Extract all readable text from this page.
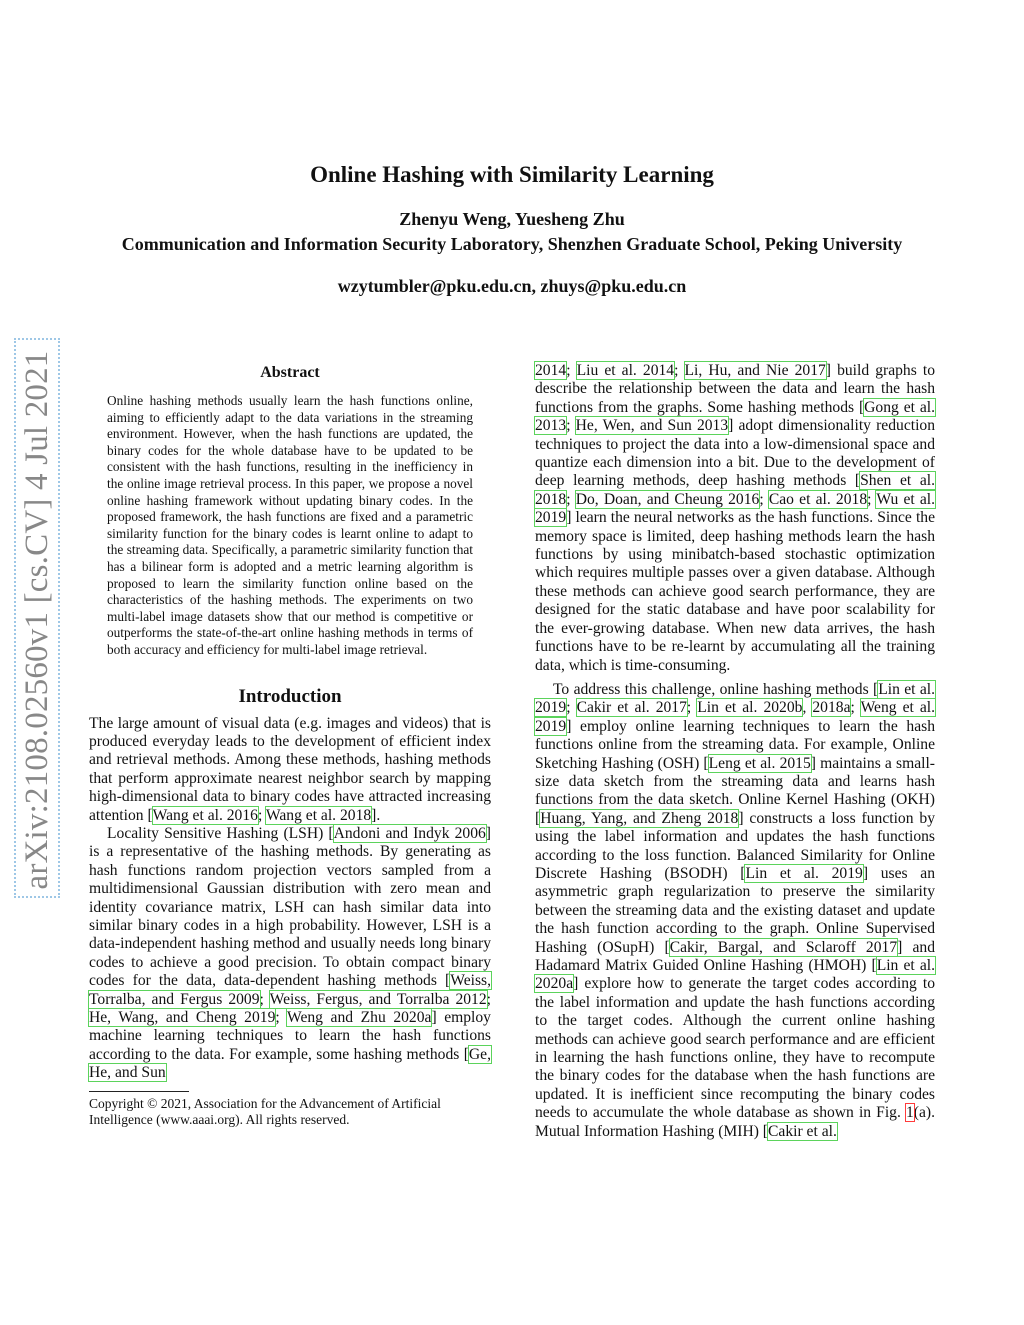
Online Hashing with Similarity Learning
Zhenyu Weng, Yuesheng Zhu
Communication and Information Security Laboratory, Shenzhen Graduate School, Peking University
wzytumbler@pku.edu.cn, zhuys@pku.edu.cn
arXiv:2108.02560v1 [cs.CV] 4 Jul 2021	Abstract
Online hashing methods usually learn the hash functions online, aiming to efficiently adapt to the data variations in the streaming environment. However, when the hash functions are updated, the binary codes for the whole database have to be updated to be consistent with the hash functions, resulting in the inefficiency in the online image retrieval process. In this paper, we propose a novel online hashing framework without updating binary codes. In the proposed framework, the hash functions are fixed and a parametric similarity function for the binary codes is learnt online to adapt to the streaming data. Specifically, a parametric similarity function that has a bilinear form is adopted and a metric learning algorithm is proposed to learn the similarity function online based on the characteristics of the hashing methods. The experiments on two multi-label image datasets show that our method is competitive or outperforms the state-of-the-art online hashing methods in terms of both accuracy and efficiency for multi-label image retrieval.
Introduction

The large amount of visual data (e.g. images and videos) that is produced everyday leads to the development of efficient index and retrieval methods. Among these methods, hashing methods that perform approximate nearest neighbor search by mapping high-dimensional data to binary codes have attracted increasing attention [Wang et al. 2016; Wang et al. 2018].

Locality Sensitive Hashing (LSH) [Andoni and Indyk 2006] is a representative of the hashing methods. By generating as hash functions random projection vectors sampled from a multidimensional Gaussian distribution with zero mean and identity covariance matrix, LSH can hash similar data into similar binary codes in a high probability. However, LSH is a data-independent hashing method and usually needs long binary codes to achieve a good precision. To obtain compact binary codes for the data, data-dependent hashing methods [Weiss, Torralba, and Fergus 2009; Weiss, Fergus, and Torralba 2012; He, Wang, and Cheng 2019; Weng and Zhu 2020a] employ machine learning techniques to learn the hash functions according to the data. For example, some hashing methods [Ge, He, and Sun

Copyright © 2021, Association for the Advancement of Artificial Intelligence (www.aaai.org). All rights reserved.

2014; Liu et al. 2014; Li, Hu, and Nie 2017] build graphs to describe the relationship between the data and learn the hash functions from the graphs. Some hashing methods [Gong et al. 2013; He, Wen, and Sun 2013] adopt dimensionality reduction techniques to project the data into a low-dimensional space and quantize each dimension into a bit. Due to the development of deep learning methods, deep hashing methods [Shen et al. 2018; Do, Doan, and Cheung 2016; Cao et al. 2018; Wu et al. 2019] learn the neural networks as the hash functions. Since the memory space is limited, deep hashing methods learn the hash functions by using minibatch-based stochastic optimization which requires multiple passes over a given database. Although these methods can achieve good search performance, they are designed for the static database and have poor scalability for the ever-growing database. When new data arrives, the hash functions have to be re-learnt by accumulating all the training data, which is time-consuming.

To address this challenge, online hashing methods [Lin et al. 2019; Cakir et al. 2017; Lin et al. 2020b, 2018a; Weng et al. 2019] employ online learning techniques to learn the hash functions online from the streaming data. For example, Online Sketching Hashing (OSH) [Leng et al. 2015] maintains a small-size data sketch from the streaming data and learns hash functions from the data sketch. Online Kernel Hashing (OKH) [Huang, Yang, and Zheng 2018] constructs a loss function by using the label information and updates the hash functions according to the loss function. Balanced Similarity for Online Discrete Hashing (BSODH) [Lin et al. 2019] uses an asymmetric graph regularization to preserve the similarity between the streaming data and the existing dataset and update the hash function according to the graph. Online Supervised Hashing (OSupH) [Cakir, Bargal, and Sclaroff 2017] and Hadamard Matrix Guided Online Hashing (HMOH) [Lin et al. 2020a] explore how to generate the target codes according to the label information and update the hash functions according to the target codes. Although the current online hashing methods can achieve good search performance and are efficient in learning the hash functions online, they have to recompute the binary codes for the database when the hash functions are updated. It is inefficient since recomputing the binary codes needs to accumulate the whole database as shown in Fig. 1(a). Mutual Information Hashing (MIH) [Cakir et al.
